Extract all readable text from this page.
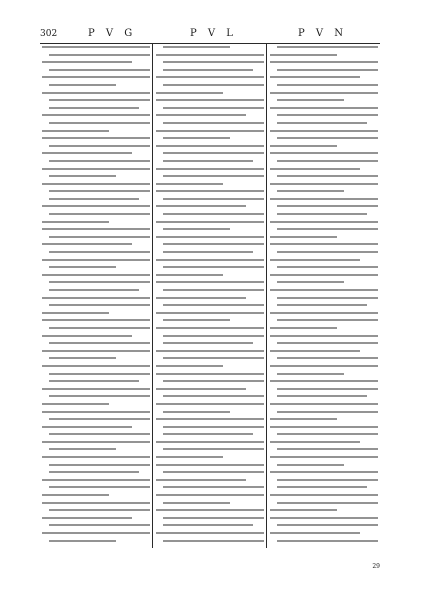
302	P V G	P V L	P V N
29
